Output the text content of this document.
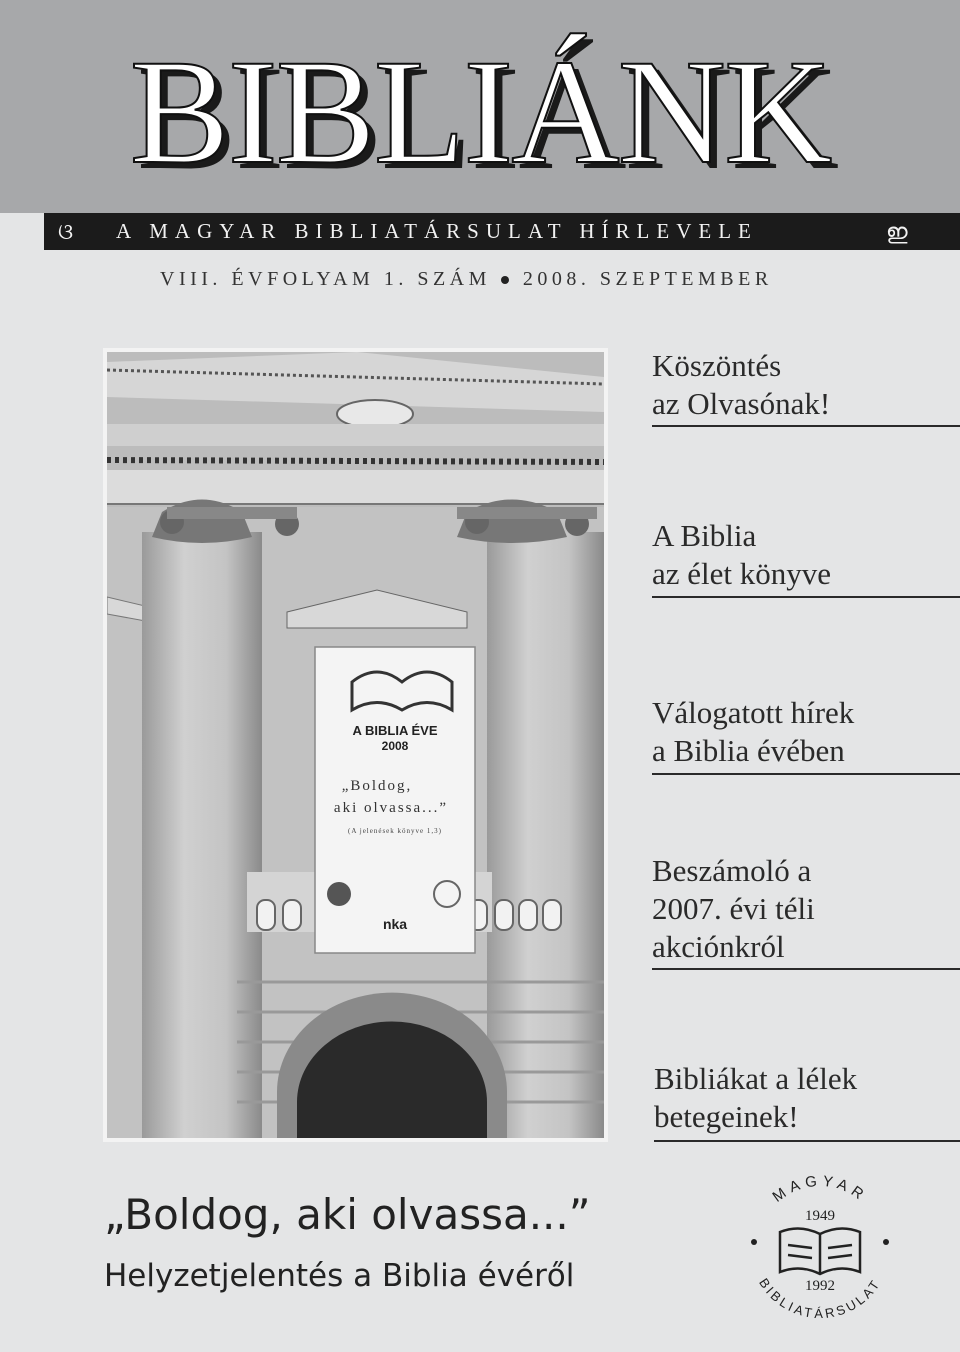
BIBLIÁNK
ଓ A MAGYAR BIBLIATÁRSULAT HÍRLEVELE	ഇ
VIII. ÉVFOLYAM 1. SZÁM 2008. SZEPTEMBER
A BIBLIA ÉVE
2008
„Boldog,
aki olvassa...”
(A jelenések könyve 1,3)
nka
Köszöntés
az Olvasónak!
A Biblia
az élet könyve
Válogatott hírek
a Biblia évében
Beszámoló a
2007. évi téli
akciónkról
Bibliákat a lélek
betegeinek!
„Boldog, aki olvassa...”
Helyzetjelentés a Biblia évéről
MAGYAR
BIBLIATÁRSULAT
1949
1992
